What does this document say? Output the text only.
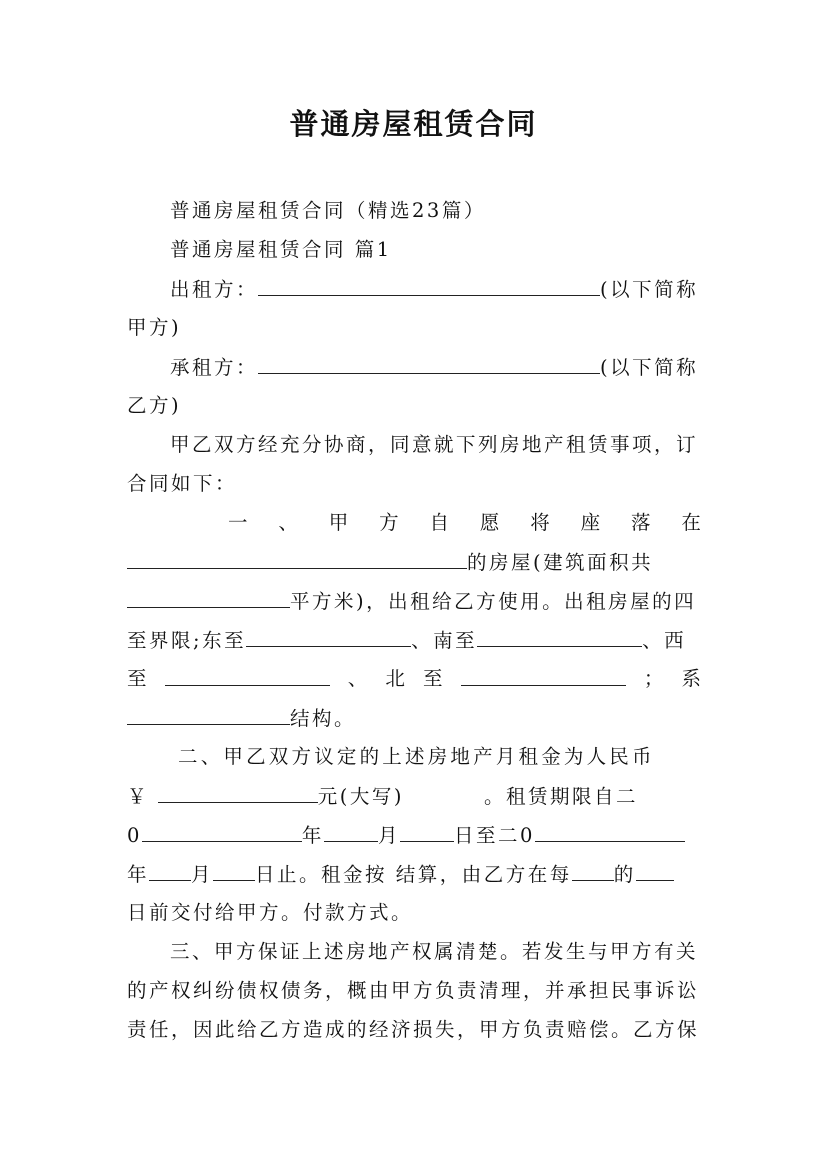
普通房屋租赁合同
普通房屋租赁合同（精选23篇）
普通房屋租赁合同 篇1
出租方：	(以下简称
甲方)
承租方：	(以下简称
乙方)
甲乙双方经充分协商，同意就下列房地产租赁事项，订
合同如下：
一 、 甲 方 自 愿 将 座 落 在
的房屋(建筑面积共
平方米)，出租给乙方使用。出租房屋的四
至界限;东至	、南至	、西
至	、 北 至	； 系
结构。
二、甲乙双方议定的上述房地产月租金为人民币
￥	元(大写)	。租赁期限自二
0	年	月	日至二0
年 月 日止。租金按 结算，由乙方在每 的
日前交付给甲方。付款方式。
三、甲方保证上述房地产权属清楚。若发生与甲方有关
的产权纠纷债权债务，概由甲方负责清理，并承担民事诉讼
责任，因此给乙方造成的经济损失，甲方负责赔偿。乙方保
